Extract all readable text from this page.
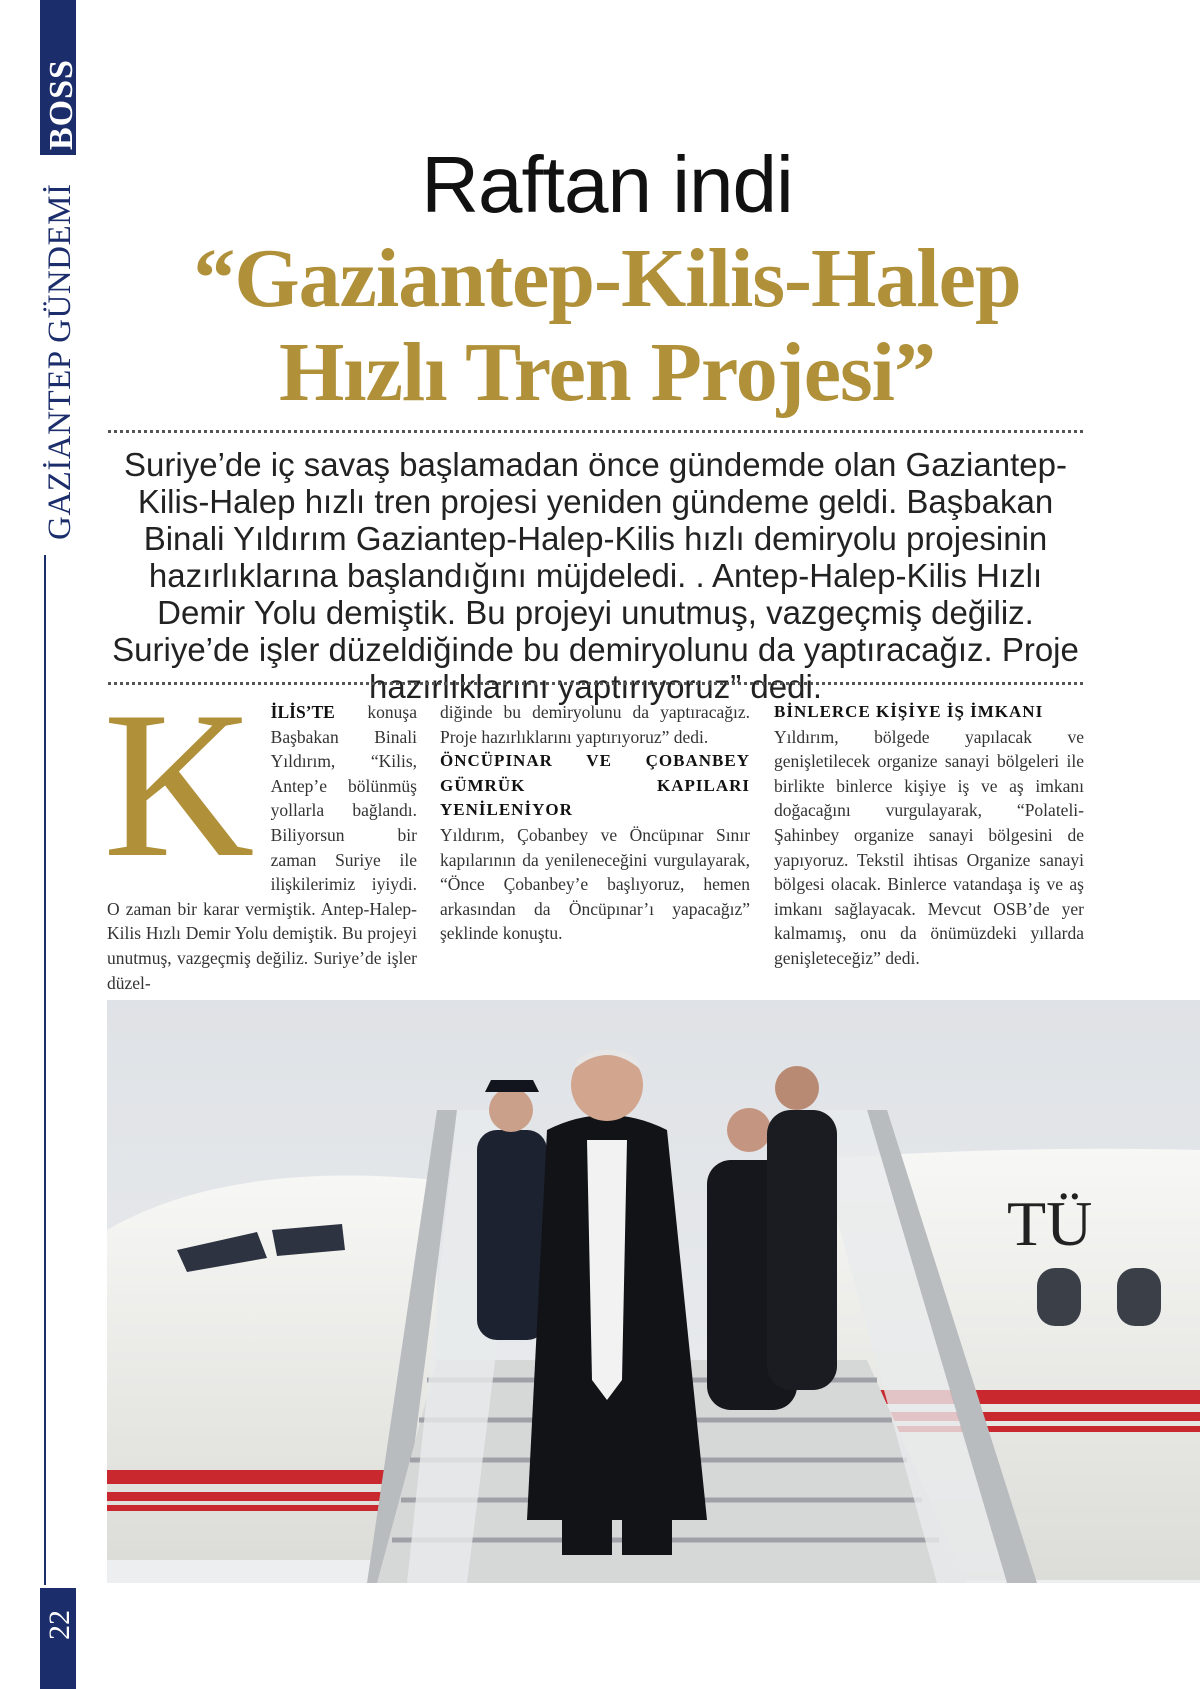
BOSS
GAZİANTEP GÜNDEMİ
22
Raftan indi
“Gaziantep-Kilis-Halep
Hızlı Tren Projesi”

Suriye’de iç savaş başlamadan önce gündemde olan Gaziantep-Kilis-Halep hızlı tren projesi yeniden gündeme geldi. Başbakan Binali Yıldırım Gaziantep-Halep-Kilis hızlı demiryolu projesinin hazırlıklarına başlandığını müjdeledi. . Antep-Halep-Kilis Hızlı Demir Yolu demiştik. Bu projeyi unutmuş, vazgeçmiş değiliz. Suriye’de işler düzeldiğinde bu demiryolunu da yaptıracağız. Proje hazırlıklarını yaptırıyoruz” dedi.

K İLİS’TE konuşa Başbakan Binali Yıldırım, “Kilis, Antep’e bölünmüş yollarla bağlandı. Biliyorsun bir zaman Suriye ile ilişkilerimiz iyiydi. O zaman bir karar vermiştik. Antep-Halep-Kilis Hızlı Demir Yolu demiştik. Bu projeyi unutmuş, vazgeçmiş değiliz. Suriye’de işler düzel-

diğinde bu demiryolunu da yaptıracağız. Proje hazırlıklarını yaptırıyoruz” dedi.

ÖNCÜPINAR VE ÇOBANBEY GÜMRÜK KAPILARI YENİLENİYOR

Yıldırım, Çobanbey ve Öncüpınar Sınır kapılarının da yenileneceğini vurgulayarak, “Önce Çobanbey’e başlıyoruz, hemen arkasından da Öncüpınar’ı yapacağız” şeklinde konuştu.

BİNLERCE KİŞİYE İŞ İMKANI

Yıldırım, bölgede yapılacak ve genişletilecek organize sanayi bölgeleri ile birlikte binlerce kişiye iş ve aş imkanı doğacağını vurgulayarak, “Polateli-Şahinbey organize sanayi bölgesini de yapıyoruz. Tekstil ihtisas Organize sanayi bölgesi olacak. Binlerce vatandaşa iş ve aş imkanı sağlayacak. Mevcut OSB’de yer kalmamış, onu da önümüzdeki yıllarda genişleteceğiz” dedi.

TÜ
